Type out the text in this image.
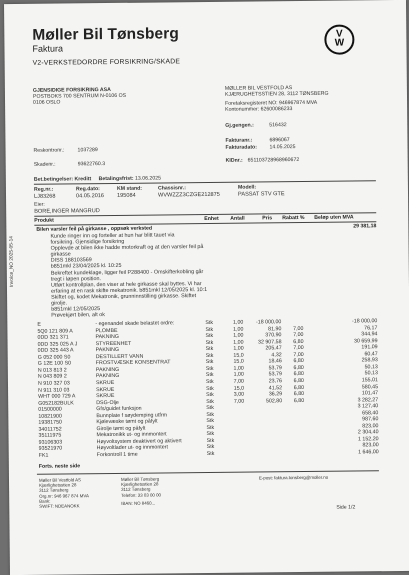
Møller Bil Tønsberg
Faktura
V2-VERKSTEDORDRE FORSIKRING/SKADE
V
W
GJENSIDIGE FORSIKRING ASA
POSTBOKS 700 SENTRUM N-0106 OS
0106 OSLO
MØLLER BIL VESTFOLD AS
KJÆRUGHETSSTIEN 28, 3112 TØNSBERG
Foretaksregisteret NO: 946967874 MVA
Kontonummer: 62600086233
Gj.gengen.:	516432
Reskontronr.:	1037289
Skadenr.:	93622760.3
Fakturanr.:	6896067
Fakturadato: 14.05.2025
KIDnr.: 651103728968960672
Bet.betingelser: Kreditt Betalingsfrist: 13.06.2025
Reg.nr.:	Reg.dato:	KM stand:	Chassisnr.:	Modell:
LJ83268	04.05.2016 195084	WVWZZZ3CZGE212875	PASSAT STV GTE
Eier:
BORE,INGER MANGRUD
Produkt	Enhet Antall	Pris Rabatt % Beløp uten MVA
Bilen varsler feil på girkasse , oppsøk verksted	29 381,18
Kunde ringer inn og forteller at hun har blitt tauet via
forsikring. Gjensidige forsikring
Opplevde at bilen ikke hadde motorkraft og at den varsler feil på
girkasse
DISS 188103569
b851mkl 23/04/2025 kl. 10:25
Bekreftet kundeklage, ligger feil P288400 - Omskifterkobling går
tregt i løpen position.
Utført kontrollplan, den viser at hele girkasse skal byttes. Vi har
erfaring at en rask skifte mekatronik. b851mkl 12/05/2025 kl. 10:1
Skiftet og, kodet Mekatronik, grunninnstilling girkasse. Skiftet
girolje.
b851mkl 12/05/2025
Prøvekjørt bilen, alt ok
E	- egenandel skade belastet ordre:	Stk	1,00	-18 000,00	-18 000,00
5Q0 121 809 A	PLOMBE	Stk	1,00	81,90	7,00	76,17
0DD 321 371	PAKNING	Stk	1,00	370,90	7,00	344,94
0DD 325 025 A J	STYREENHET	Stk	1,00	32 907,58	6,80	30 659,99
0DD 325 443 A	PAKNING	Stk	1,00	205,47	7,00	191,09
G 052 000 S0	DESTILLERT VANN	Stk	15,0	4,32	7,00	60,47
G 12E 100 S0	FROSTVÆSKE KONSENTRAT	Stk	15,0	18,46	6,80	258,93
N 013 813 2	PAKNING	Stk	1,00	53,79	6,80	50,13
N 043 809 2	PAKNING	Stk	1,00	53,79	6,80	50,13
N 910 327 03	SKRUE	Stk	7,00	23,76	6,80	155,01
N 911 310 03	SKRUE	Stk	15,0	41,52	6,80	580,45
WHT 000 729 A	SKRUE	Stk	3,00	36,29	6,80	101,47
G052182BULK	DSG-Olje	Stk	7,00	502,80	6,80	3 282,27
01500000	Gfs/guidet funksjon	Stk	3 127,40
10821900	Bunnplate f søydemping utfrm	Stk	658,40
19381750	Kjølevæske tømt og påfylt	Stk	987,60
34011752	Girolje tømt og påfylt	Stk	823,00
35111975	Mekatronikk ut- og innmontert	Stk	2 304,40
93106303	Høyvoltsystem deaktivert og aktivert	Stk	1 152,20
93521970	Høyvoltlader ut- og innmontert	Stk	823,00
FK1	Forkontroll 1 time	Stk	1 646,00
Forts. neste side
Møller Bil Vestfold AS
Kjærlighetsstien 28
3112 Tønsberg
Org.nr: 946 967 874 MVA
Bank:
SWIFT: NDEANOKK
Møller Bil Tønsberg
Kjærlighetsstien 28
3112 Tønsberg
Telefon: 33 03 00 00
E-post: faktura.tonsberg@moller.no
IBAN: NO 8460...
Side 1/2
Invoice_NO 2025-05-14
